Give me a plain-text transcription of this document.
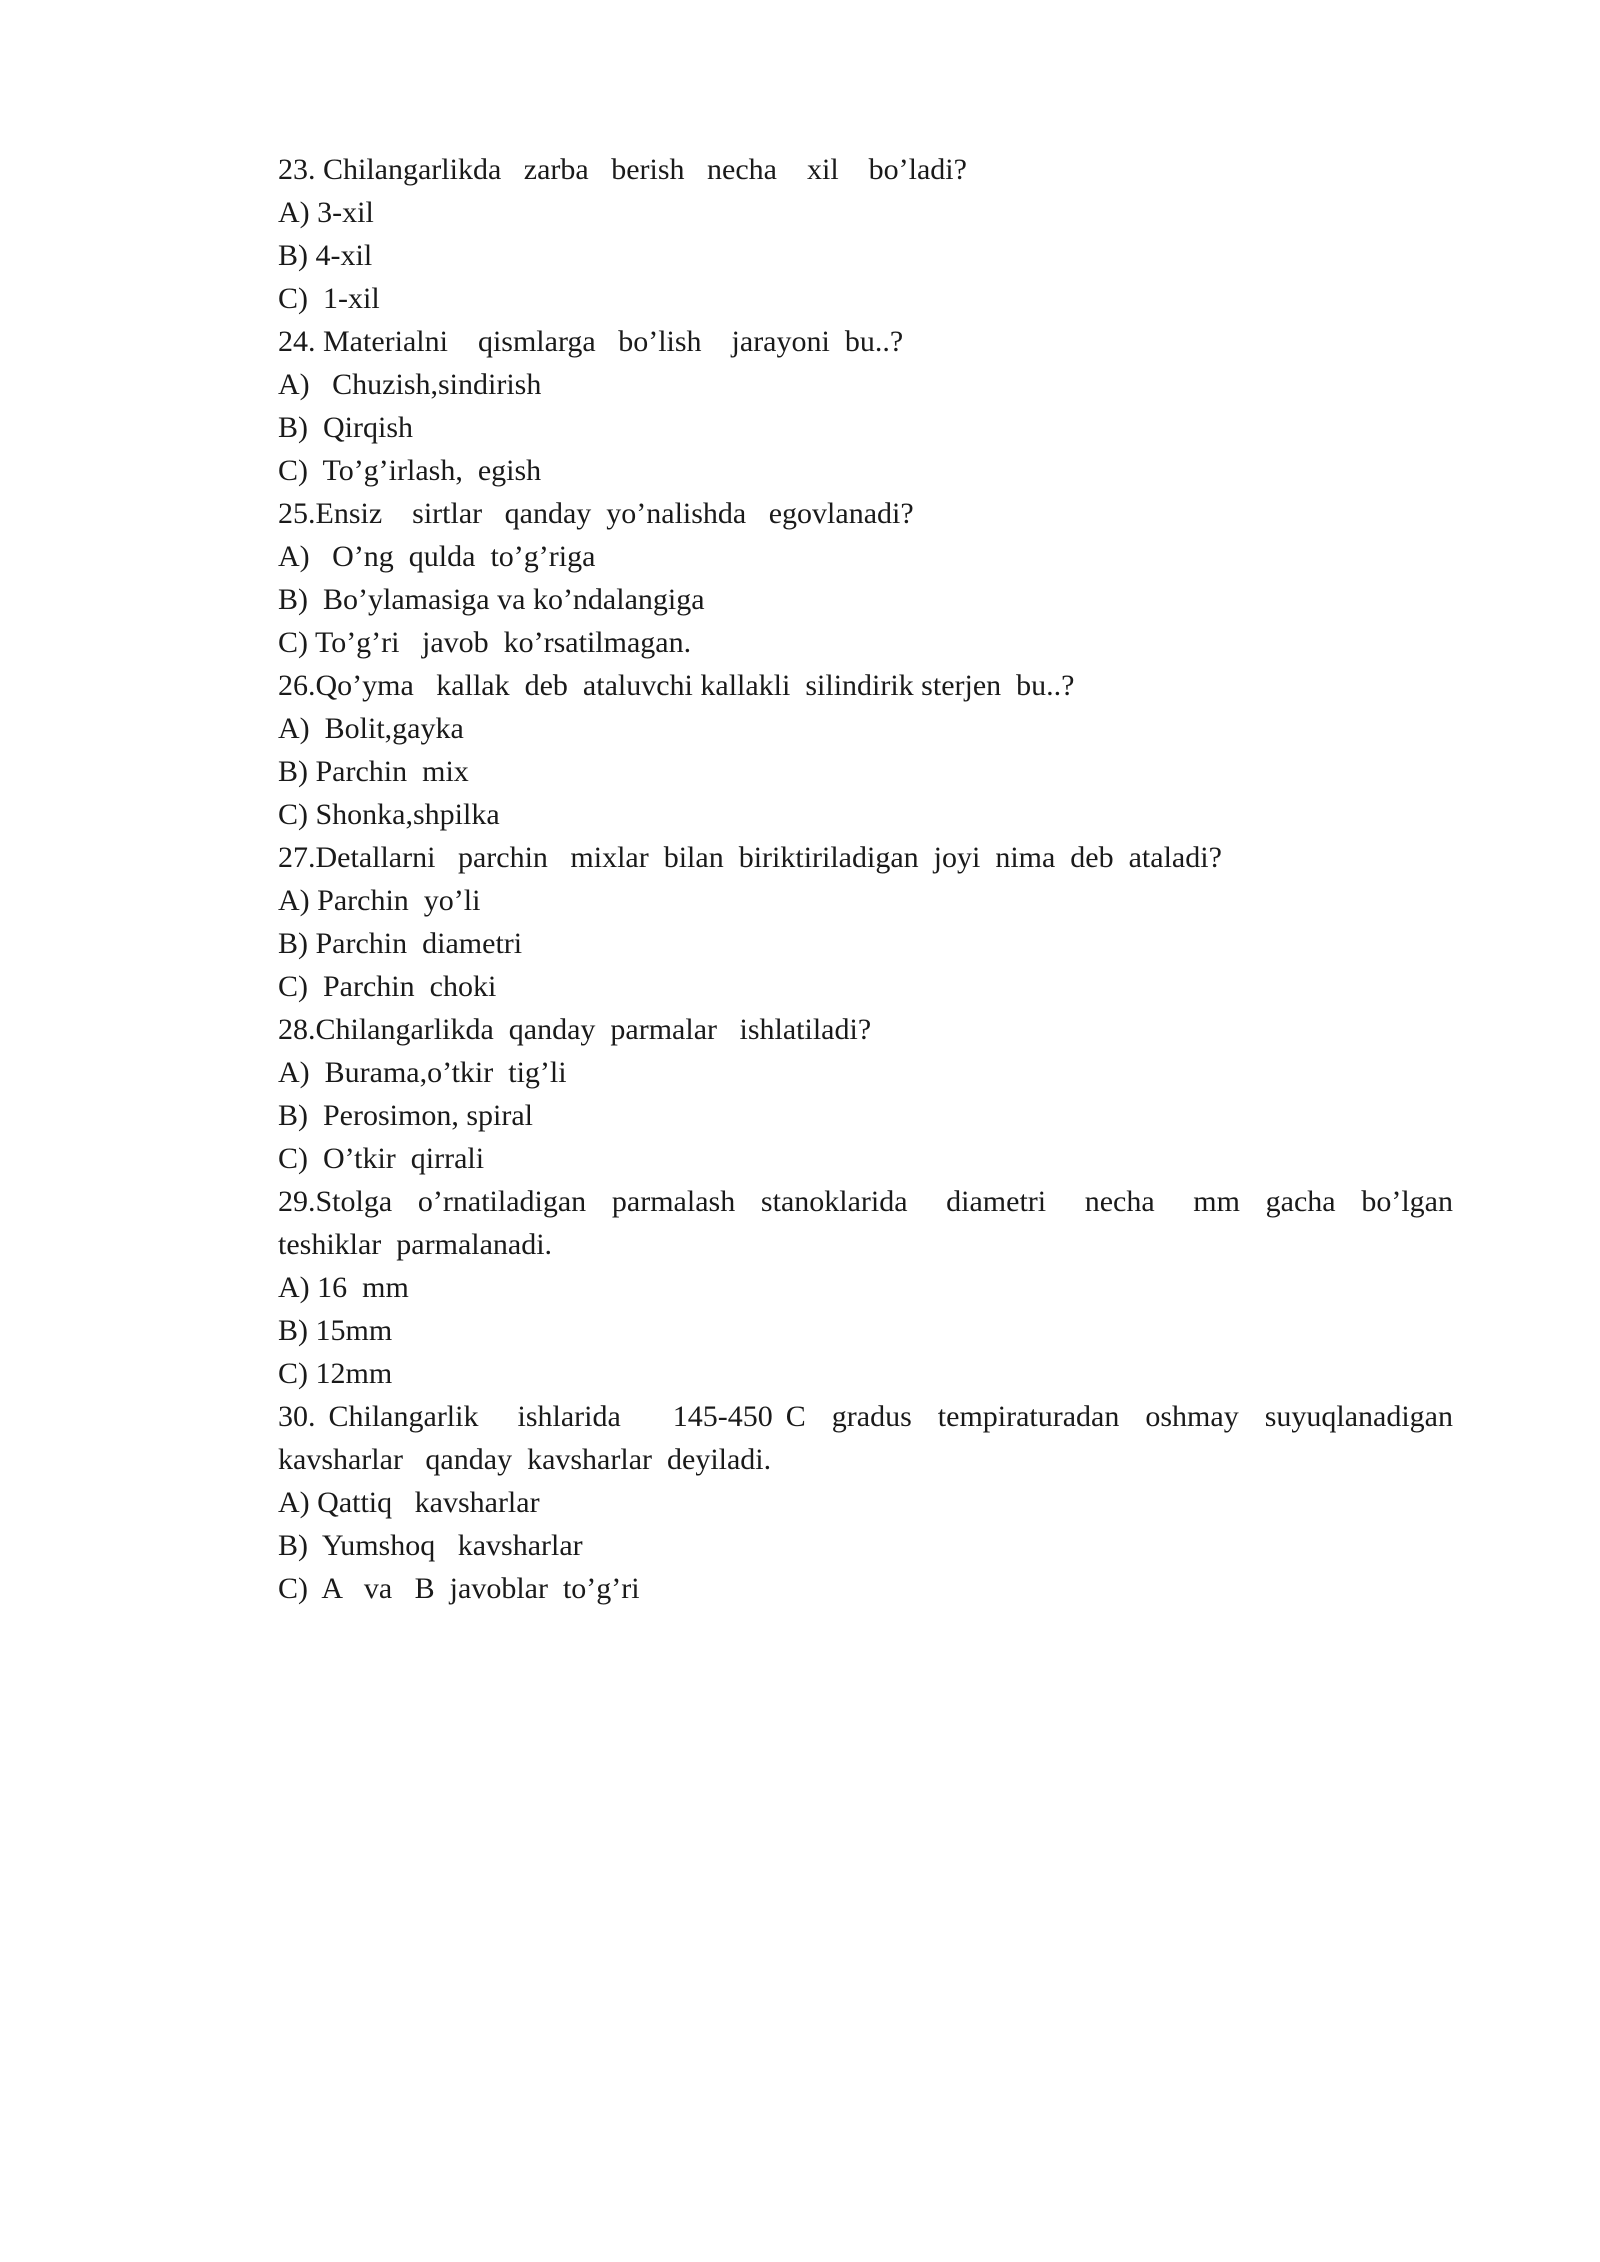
23. Chilangarlikda   zarba   berish   necha    xil    bo’ladi?

A) 3-xil

B) 4-xil

C)  1-xil

24. Materialni    qismlarga   bo’lish    jarayoni  bu..?

A)   Chuzish,sindirish

B)  Qirqish

C)  To’g’irlash,  egish

25.Ensiz    sirtlar   qanday  yo’nalishda   egovlanadi?

A)   O’ng  qulda  to’g’riga

B)  Bo’ylamasiga va ko’ndalangiga

C) To’g’ri   javob  ko’rsatilmagan.

26.Qo’yma   kallak  deb  ataluvchi kallakli  silindirik sterjen  bu..?

A)  Bolit,gayka

B) Parchin  mix

C) Shonka,shpilka

27.Detallarni   parchin   mixlar  bilan  biriktiriladigan  joyi  nima  deb  ataladi?

A) Parchin  yo’li

B) Parchin  diametri

C)  Parchin  choki

28.Chilangarlikda  qanday  parmalar   ishlatiladi?

A)  Burama,o’tkir  tig’li

B)  Perosimon, spiral

C)  O’tkir  qirrali

29.Stolga  o’rnatiladigan  parmalash  stanoklarida   diametri   necha   mm  gacha  bo’lgan teshiklar  parmalanadi.

A) 16  mm

B) 15mm

C) 12mm

30. Chilangarlik   ishlarida    145-450 C  gradus  tempiraturadan  oshmay  suyuqlanadigan kavsharlar   qanday  kavsharlar  deyiladi.

A) Qattiq   kavsharlar

B)  Yumshoq   kavsharlar

C)  A   va   B  javoblar  to’g’ri
